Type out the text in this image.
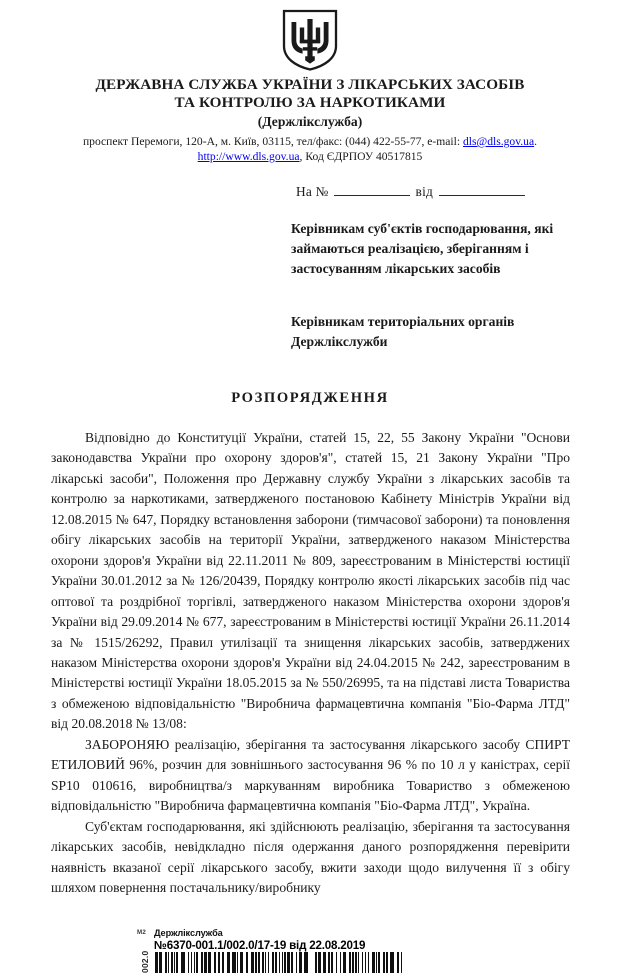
ДЕРЖАВНА СЛУЖБА УКРАЇНИ З ЛІКАРСЬКИХ ЗАСОБІВ
ТА КОНТРОЛЮ ЗА НАРКОТИКАМИ
(Держлікслужба)
проспект Перемоги, 120-А, м. Київ, 03115, тел/факс: (044) 422-55-77, e-mail: dls@dls.gov.ua.
http://www.dls.gov.ua, Код ЄДРПОУ 40517815
На №	від
Керівникам суб'єктів господарювання, які займаються реалізацією, зберіганням і застосуванням лікарських засобів
Керівникам територіальних органів Держлікслужби
РОЗПОРЯДЖЕННЯ

Відповідно до Конституції України, статей 15, 22, 55 Закону України "Основи законодавства України про охорону здоров'я", статей 15, 21 Закону України "Про лікарські засоби", Положення про Державну службу України з лікарських засобів та контролю за наркотиками, затвердженого постановою Кабінету Міністрів України від 12.08.2015 № 647, Порядку встановлення заборони (тимчасової заборони) та поновлення обігу лікарських засобів на території України, затвердженого наказом Міністерства охорони здоров'я України від 22.11.2011 № 809, зареєстрованим в Міністерстві юстиції України 30.01.2012 за № 126/20439, Порядку контролю якості лікарських засобів під час оптової та роздрібної торгівлі, затвердженого наказом Міністерства охорони здоров'я України від 29.09.2014 № 677, зареєстрованим в Міністерстві юстиції України 26.11.2014 за № 1515/26292, Правил утилізації та знищення лікарських засобів, затверджених наказом Міністерства охорони здоров'я України від 24.04.2015 № 242, зареєстрованим в Міністерстві юстиції України 18.05.2015 за № 550/26995, та на підставі листа Товариства з обмеженою відповідальністю "Виробнича фармацевтична компанія "Біо-Фарма ЛТД" від 20.08.2018 № 13/08:

ЗАБОРОНЯЮ реалізацію, зберігання та застосування лікарського засобу СПИРТ ЕТИЛОВИЙ 96%, розчин для зовнішнього застосування 96 % по 10 л у каністрах, серії SP10 010616, виробництва/з маркуванням виробника Товариство з обмеженою відповідальністю "Виробнича фармацевтична компанія "Біо-Фарма ЛТД", Україна.

Суб'єктам господарювання, які здійснюють реалізацію, зберігання та застосування лікарських засобів, невідкладно після одержання даного розпорядження перевірити наявність вказаної серії лікарського засобу, вжити заходи щодо вилучення її з обігу шляхом повернення постачальнику/виробнику

М2 Держлікслужба
№6370-001.1/002.0/17-19 від 22.08.2019
002.0
